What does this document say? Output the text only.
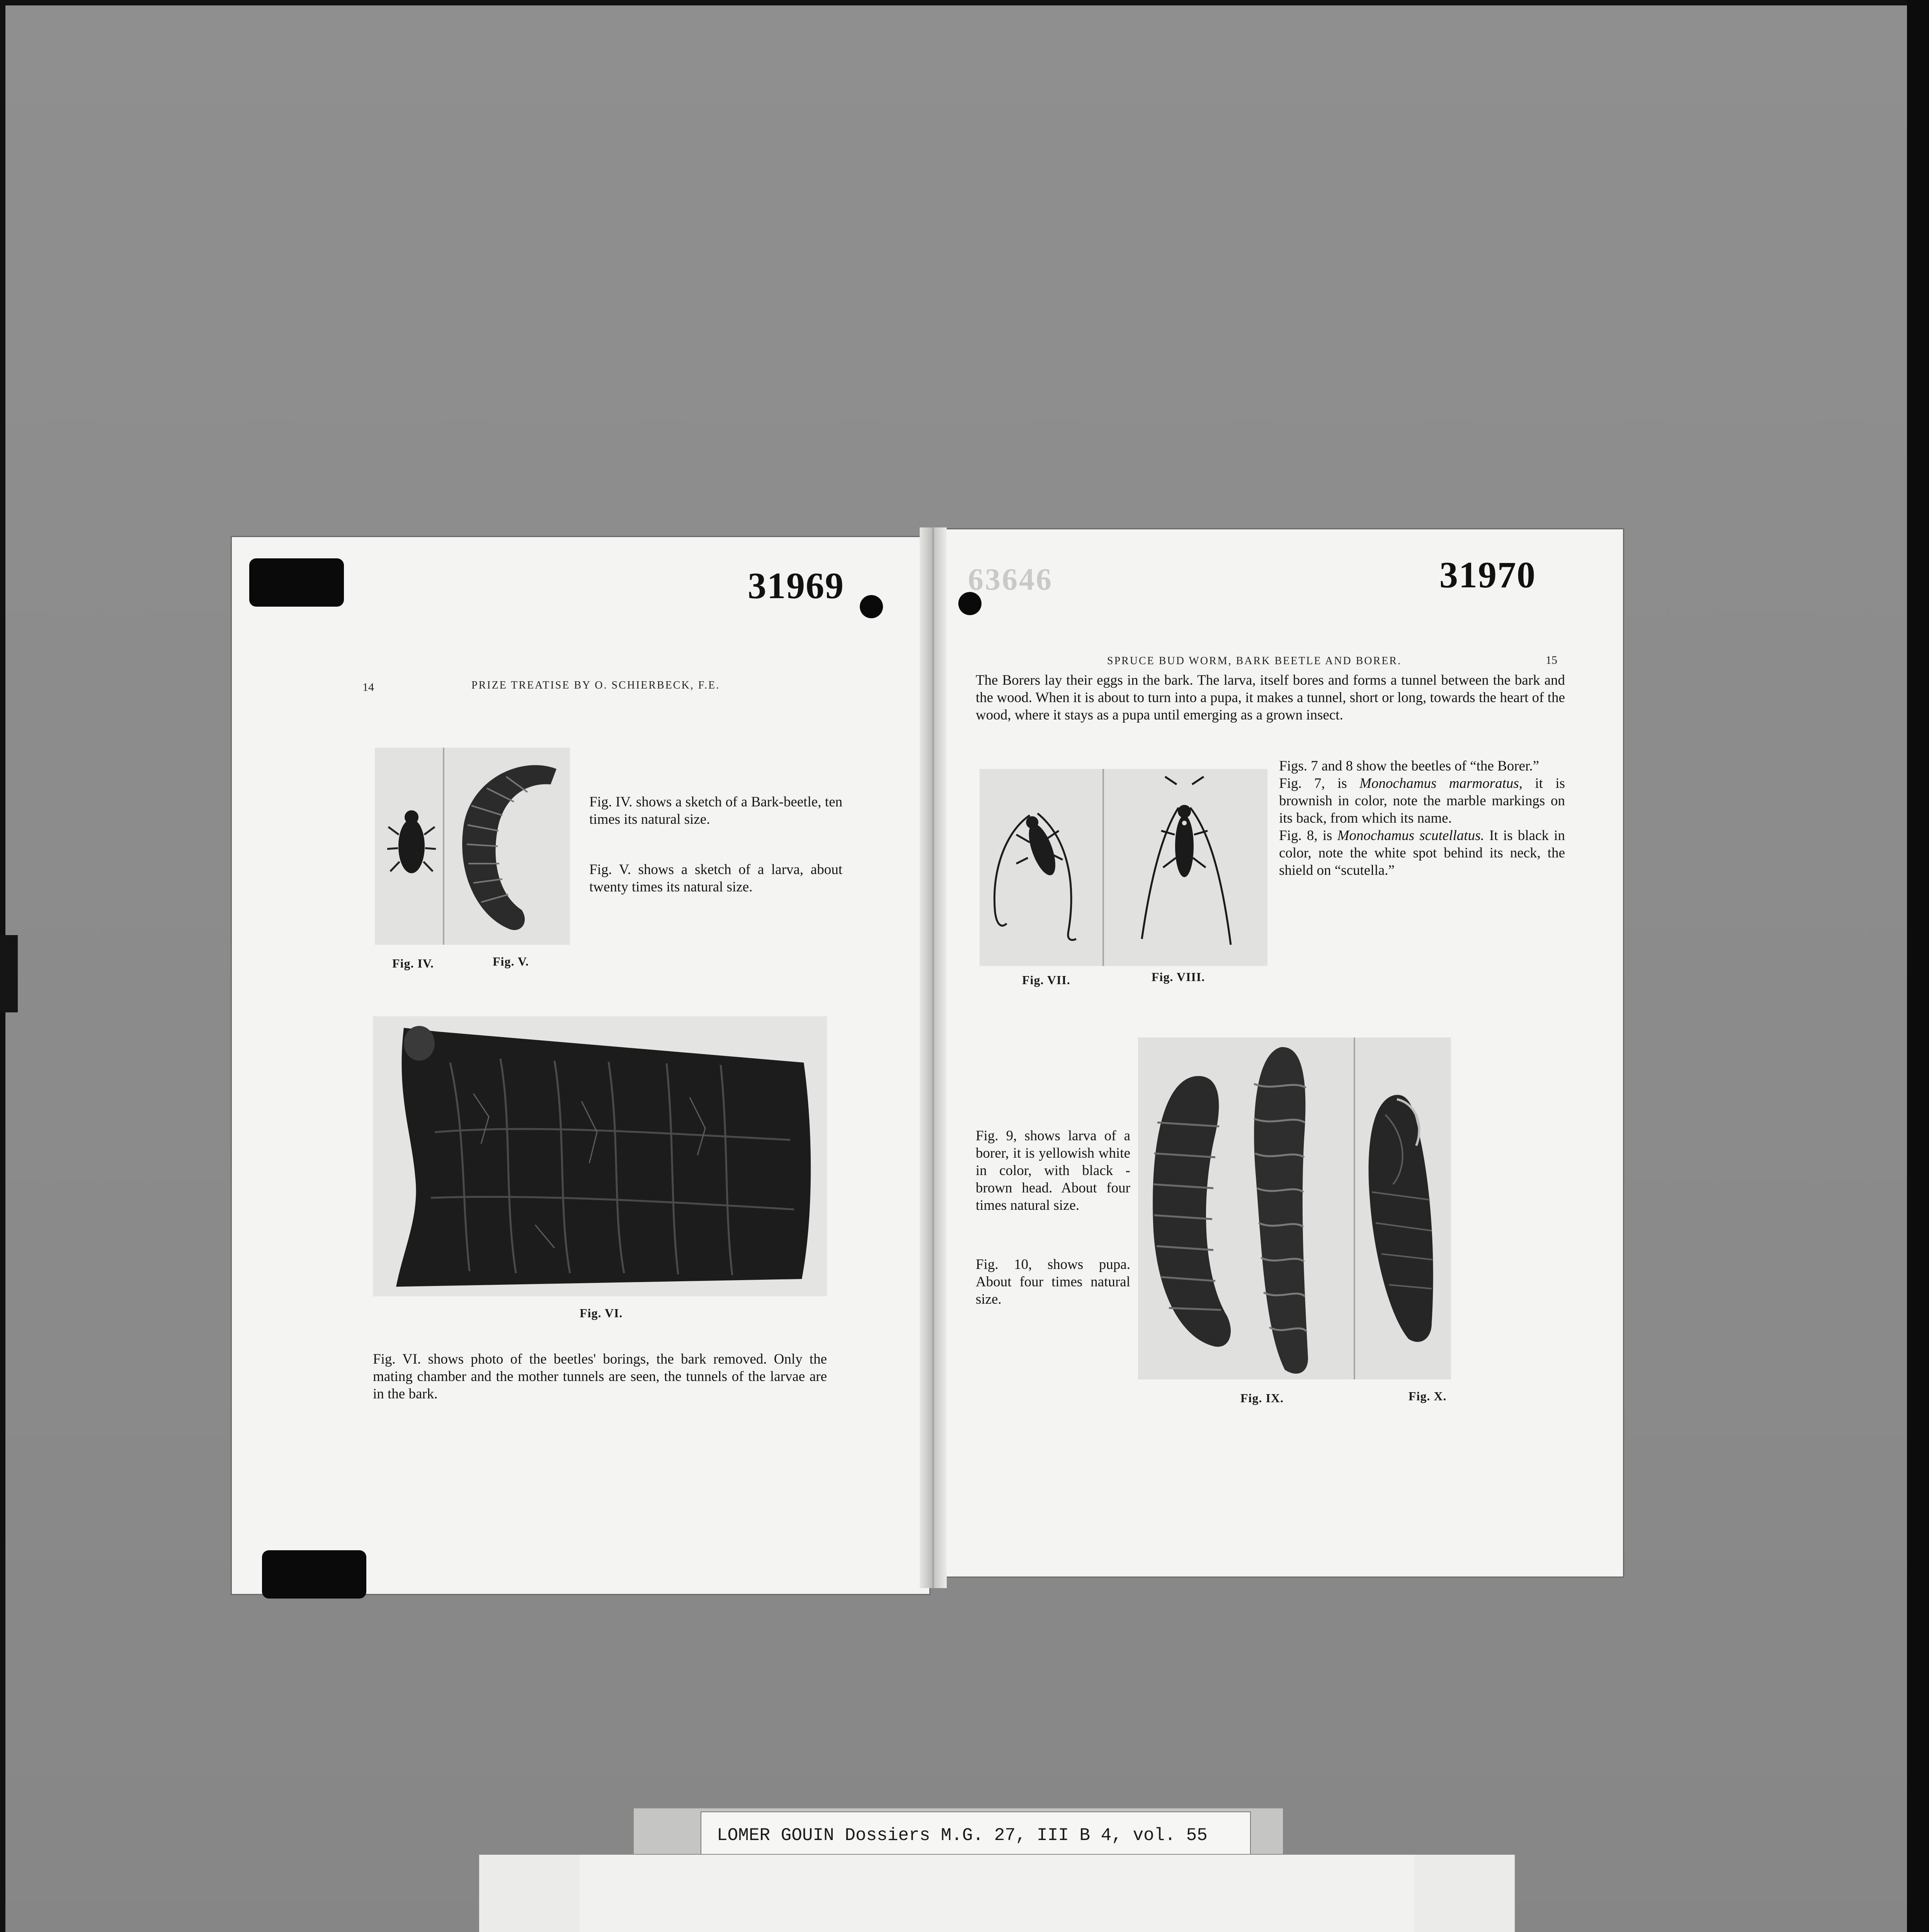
31969
14	PRIZE TREATISE BY O. SCHIERBECK, F.E.
Fig. IV.	Fig. V.
Fig. IV. shows a sketch of a Bark-beetle, ten times its natural size.
Fig. V. shows a sketch of a larva, about twenty times its natural size.
Fig. VI.
Fig. VI. shows photo of the beetles' borings, the bark removed. Only the mating chamber and the mother tunnels are seen, the tunnels of the larvae are in the bark.
63646	31970
SPRUCE BUD WORM, BARK BEETLE AND BORER.	15
The Borers lay their eggs in the bark. The larva, itself bores and forms a tunnel between the bark and the wood. When it is about to turn into a pupa, it makes a tunnel, short or long, towards the heart of the wood, where it stays as a pupa until emerging as a grown insect.
Fig. VII.	Fig. VIII.
Figs. 7 and 8 show the beetles of “the Borer.”
Fig. 7, is Monochamus marmoratus, it is brownish in color, note the marble markings on its back, from which its name.
Fig. 8, is Monochamus scutellatus. It is black in color, note the white spot behind its neck, the shield on “scutella.”
Fig. IX.	Fig. X.
Fig. 9, shows larva of a borer, it is yellowish white in color, with black - brown head. About four times natural size.
Fig. 10, shows pupa. About four times natural size.
LOMER GOUIN Dossiers M.G. 27, III B 4, vol. 55
